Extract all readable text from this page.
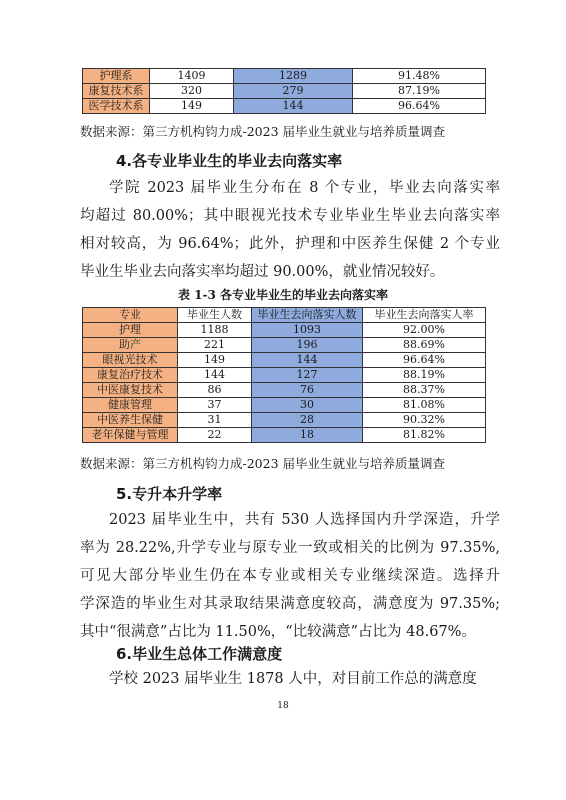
护理系	1409	1289	91.48%
康复技术系	320	279	87.19%
医学技术系	149	144	96.64%
数据来源：第三方机构钧力成-2023 届毕业生就业与培养质量调查
4.各专业毕业生的毕业去向落实率
学院 2023 届毕业生分布在 8 个专业，毕业去向落实率
均超过 80.00%；其中眼视光技术专业毕业生毕业去向落实率
相对较高，为 96.64%；此外，护理和中医养生保健 2 个专业
毕业生毕业去向落实率均超过 90.00%，就业情况较好。
表 1-3 各专业毕业生的毕业去向落实率
专业	毕业生人数	毕业生去向落实人数	毕业生去向落实人率
护理	1188	1093	92.00%
助产	221	196	88.69%
眼视光技术	149	144	96.64%
康复治疗技术	144	127	88.19%
中医康复技术	86	76	88.37%
健康管理	37	30	81.08%
中医养生保健	31	28	90.32%
老年保健与管理	22	18	81.82%
数据来源：第三方机构钧力成-2023 届毕业生就业与培养质量调查
5.专升本升学率
2023 届毕业生中，共有 530 人选择国内升学深造，升学
率为 28.22%,升学专业与原专业一致或相关的比例为 97.35%,
可见大部分毕业生仍在本专业或相关专业继续深造。选择升
学深造的毕业生对其录取结果满意度较高，满意度为 97.35%;
其中“很满意”占比为 11.50%，“比较满意”占比为 48.67%。
6.毕业生总体工作满意度
学校 2023 届毕业生 1878 人中，对目前工作总的满意度
18
